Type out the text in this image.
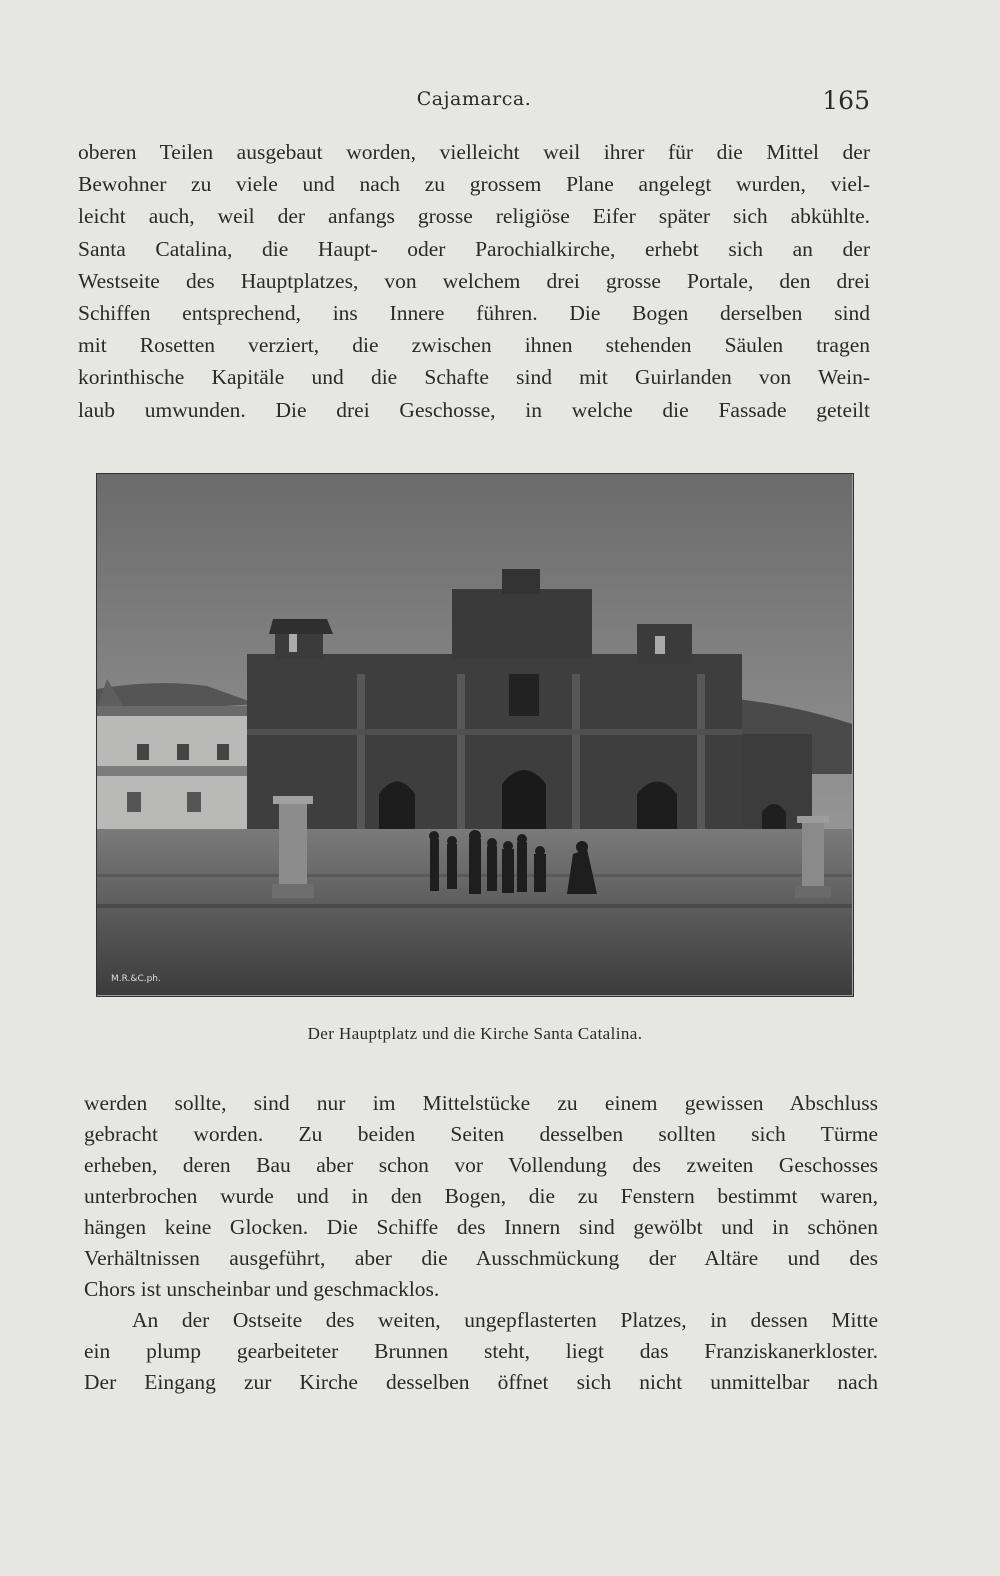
Cajamarca.	165
oberen Teilen ausgebaut worden, vielleicht weil ihrer für die Mittel der
Bewohner zu viele und nach zu grossem Plane angelegt wurden, viel-
leicht auch, weil der anfangs grosse religiöse Eifer später sich abkühlte.
Santa Catalina, die Haupt- oder Parochialkirche, erhebt sich an der
Westseite des Hauptplatzes, von welchem drei grosse Portale, den drei
Schiffen entsprechend, ins Innere führen. Die Bogen derselben sind
mit Rosetten verziert, die zwischen ihnen stehenden Säulen tragen
korinthische Kapitäle und die Schafte sind mit Guirlanden von Wein-
laub umwunden. Die drei Geschosse, in welche die Fassade geteilt
M.R.&C.ph.
Der Hauptplatz und die Kirche Santa Catalina.
werden sollte, sind nur im Mittelstücke zu einem gewissen Abschluss
gebracht worden. Zu beiden Seiten desselben sollten sich Türme
erheben, deren Bau aber schon vor Vollendung des zweiten Geschosses
unterbrochen wurde und in den Bogen, die zu Fenstern bestimmt waren,
hängen keine Glocken. Die Schiffe des Innern sind gewölbt und in schönen
Verhältnissen ausgeführt, aber die Ausschmückung der Altäre und des
Chors ist unscheinbar und geschmacklos.
An der Ostseite des weiten, ungepflasterten Platzes, in dessen Mitte
ein plump gearbeiteter Brunnen steht, liegt das Franziskanerkloster.
Der Eingang zur Kirche desselben öffnet sich nicht unmittelbar nach
